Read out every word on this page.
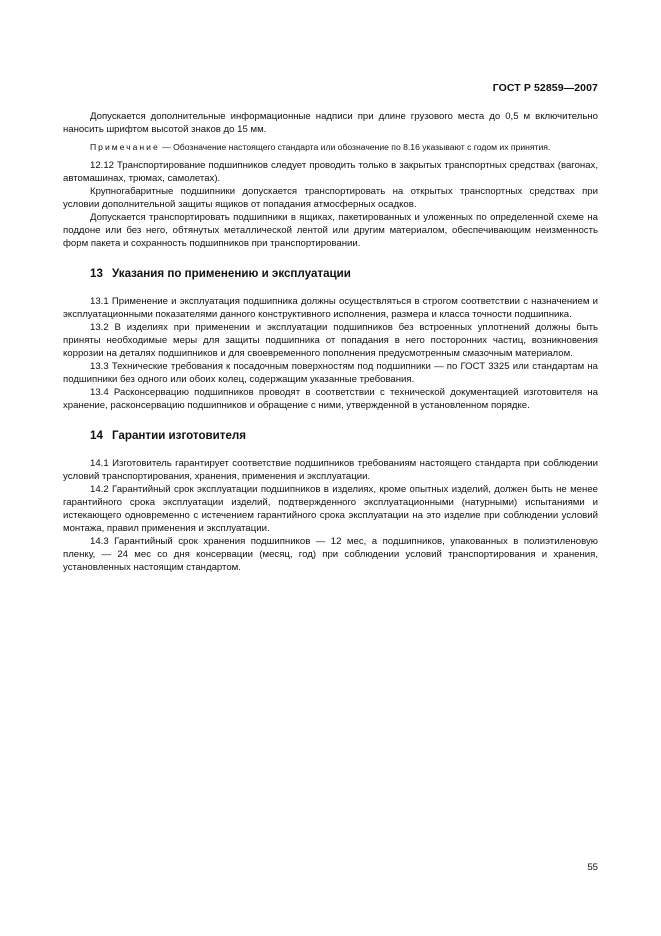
ГОСТ Р 52859—2007

Допускается дополнительные информационные надписи при длине грузового места до 0,5 м включительно наносить шрифтом высотой знаков до 15 мм.

Примечание — Обозначение настоящего стандарта или обозначение по 8.16 указывают с годом их принятия.

12.12 Транспортирование подшипников следует проводить только в закрытых транспортных средствах (вагонах, автомашинах, трюмах, самолетах).

Крупногабаритные подшипники допускается транспортировать на открытых транспортных средствах при условии дополнительной защиты ящиков от попадания атмосферных осадков.

Допускается транспортировать подшипники в ящиках, пакетированных и уложенных по определенной схеме на поддоне или без него, обтянутых металлической лентой или другим материалом, обеспечивающим неизменность форм пакета и сохранность подшипников при транспортировании.

13 Указания по применению и эксплуатации

13.1 Применение и эксплуатация подшипника должны осуществляться в строгом соответствии с назначением и эксплуатационными показателями данного конструктивного исполнения, размера и класса точности подшипника.

13.2 В изделиях при применении и эксплуатации подшипников без встроенных уплотнений должны быть приняты необходимые меры для защиты подшипника от попадания в него посторонних частиц, возникновения коррозии на деталях подшипников и для своевременного пополнения предусмотренным смазочным материалом.

13.3 Технические требования к посадочным поверхностям под подшипники — по ГОСТ 3325 или стандартам на подшипники без одного или обоих колец, содержащим указанные требования.

13.4 Расконсервацию подшипников проводят в соответствии с технической документацией изготовителя на хранение, расконсервацию подшипников и обращение с ними, утвержденной в установленном порядке.

14 Гарантии изготовителя

14.1 Изготовитель гарантирует соответствие подшипников требованиям настоящего стандарта при соблюдении условий транспортирования, хранения, применения и эксплуатации.

14.2 Гарантийный срок эксплуатации подшипников в изделиях, кроме опытных изделий, должен быть не менее гарантийного срока эксплуатации изделий, подтвержденного эксплуатационными (натурными) испытаниями и истекающего одновременно с истечением гарантийного срока эксплуатации на это изделие при соблюдении условий монтажа, правил применения и эксплуатации.

14.3 Гарантийный срок хранения подшипников — 12 мес, а подшипников, упакованных в полиэтиленовую пленку, — 24 мес со дня консервации (месяц, год) при соблюдении условий транспортирования и хранения, установленных настоящим стандартом.

55
